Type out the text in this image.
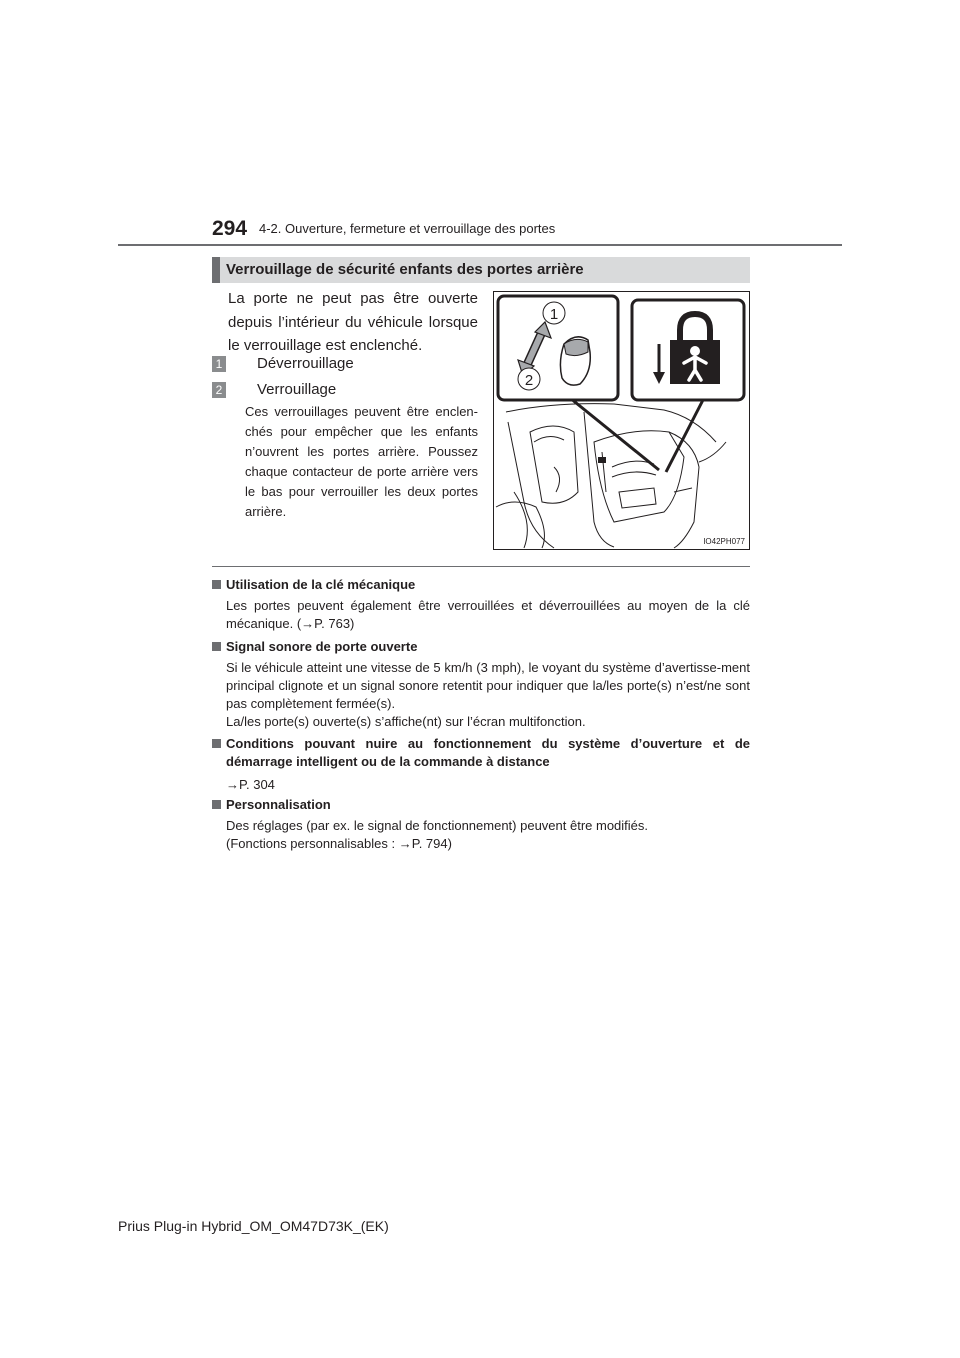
294 4-2. Ouverture, fermeture et verrouillage des portes
Verrouillage de sécurité enfants des portes arrière
La porte ne peut pas être ouverte
depuis l’intérieur du véhicule lorsque
le verrouillage est enclenché.
1 Déverrouillage
2 Verrouillage
Ces verrouillages peuvent être enclen-chés pour empêcher que les enfants n’ouvrent les portes arrière. Poussez chaque contacteur de porte arrière vers le bas pour verrouiller les deux portes arrière.
1
2
IO42PH077
Utilisation de la clé mécanique
Les portes peuvent également être verrouillées et déverrouillées au moyen de la clé mécanique. (→P. 763)
Signal sonore de porte ouverte
Si le véhicule atteint une vitesse de 5 km/h (3 mph), le voyant du système d’avertisse-ment principal clignote et un signal sonore retentit pour indiquer que la/les porte(s) n’est/ne sont pas complètement fermée(s).
La/les porte(s) ouverte(s) s’affiche(nt) sur l’écran multifonction.
Conditions pouvant nuire au fonctionnement du système d’ouverture et de démarrage intelligent ou de la commande à distance
→P. 304
Personnalisation
Des réglages (par ex. le signal de fonctionnement) peuvent être modifiés.
(Fonctions personnalisables : →P. 794)
Prius Plug-in Hybrid_OM_OM47D73K_(EK)
